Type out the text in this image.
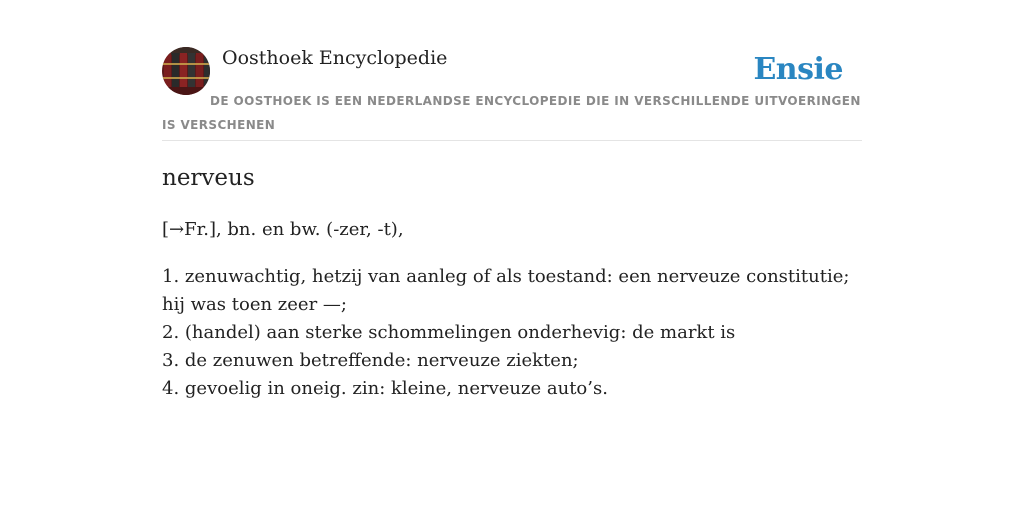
Oosthoek Encyclopedie	Ensie

DE OOSTHOEK IS EEN NEDERLANDSE ENCYCLOPEDIE DIE IN VERSCHILLENDE UITVOERINGEN IS VERSCHENEN

nerveus

[→Fr.], bn. en bw. (-zer, -t),

1. zenuwachtig, hetzij van aanleg of als toestand: een nerveuze constitutie; hij was toen zeer —;
2. (handel) aan sterke schommelingen onderhevig: de markt is
3. de zenuwen betreffende: nerveuze ziekten;
4. gevoelig in oneig. zin: kleine, nerveuze auto’s.
